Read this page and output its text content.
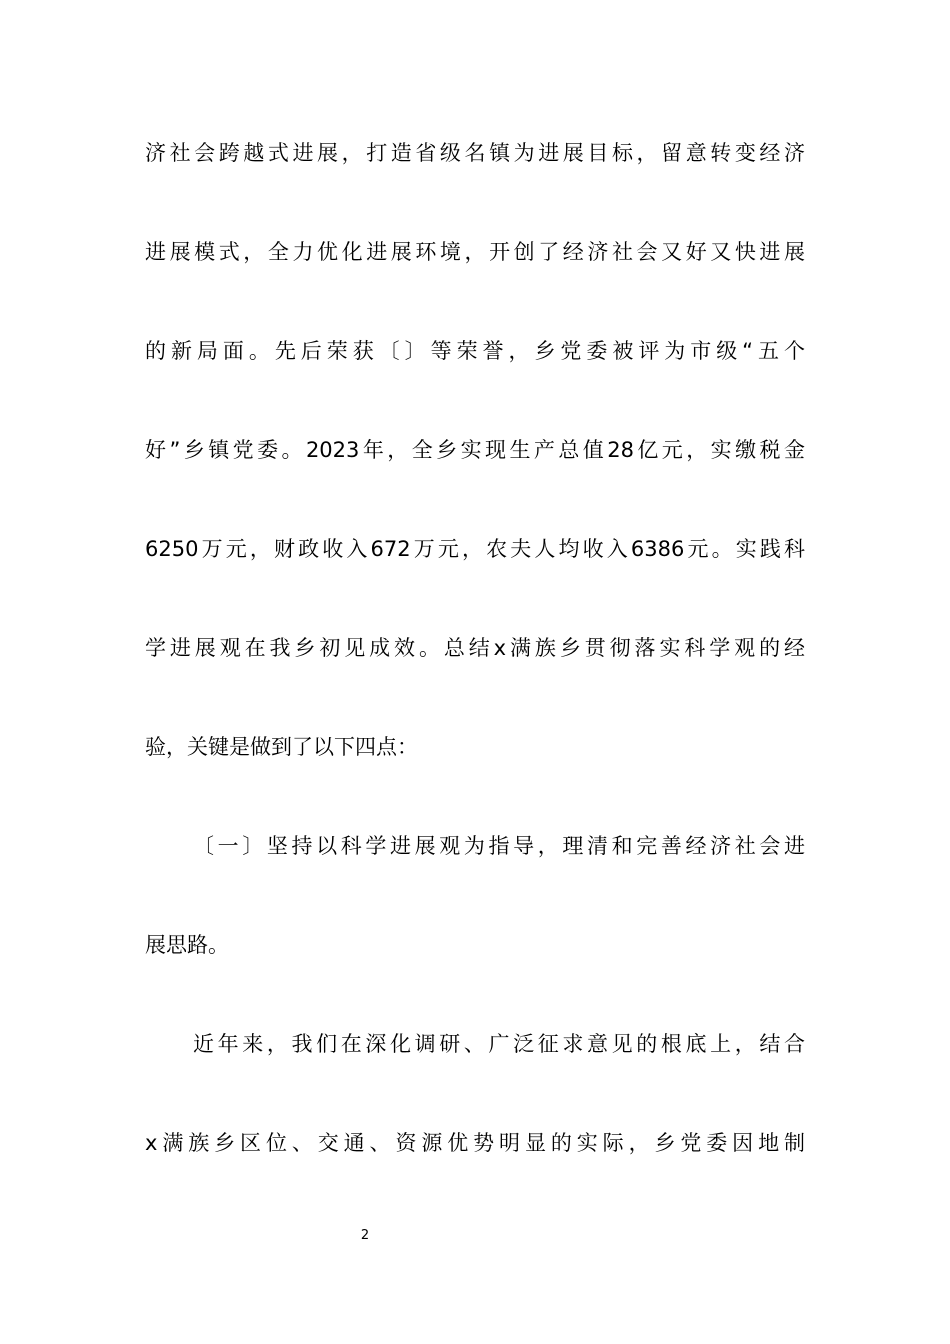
济社会跨越式进展，打造省级名镇为进展目标，留意转变经济
进展模式，全力优化进展环境，开创了经济社会又好又快进展
的新局面。先后荣获〔〕等荣誉，乡党委被评为市级“五个
好”乡镇党委。2023年，全乡实现生产总值28亿元，实缴税金
6250万元，财政收入672万元，农夫人均收入6386元。实践科
学进展观在我乡初见成效。总结x满族乡贯彻落实科学观的经
验，关键是做到了以下四点：
〔一〕坚持以科学进展观为指导，理清和完善经济社会进
展思路。
近年来，我们在深化调研、广泛征求意见的根底上，结合
x满族乡区位、交通、资源优势明显的实际，乡党委因地制
2
